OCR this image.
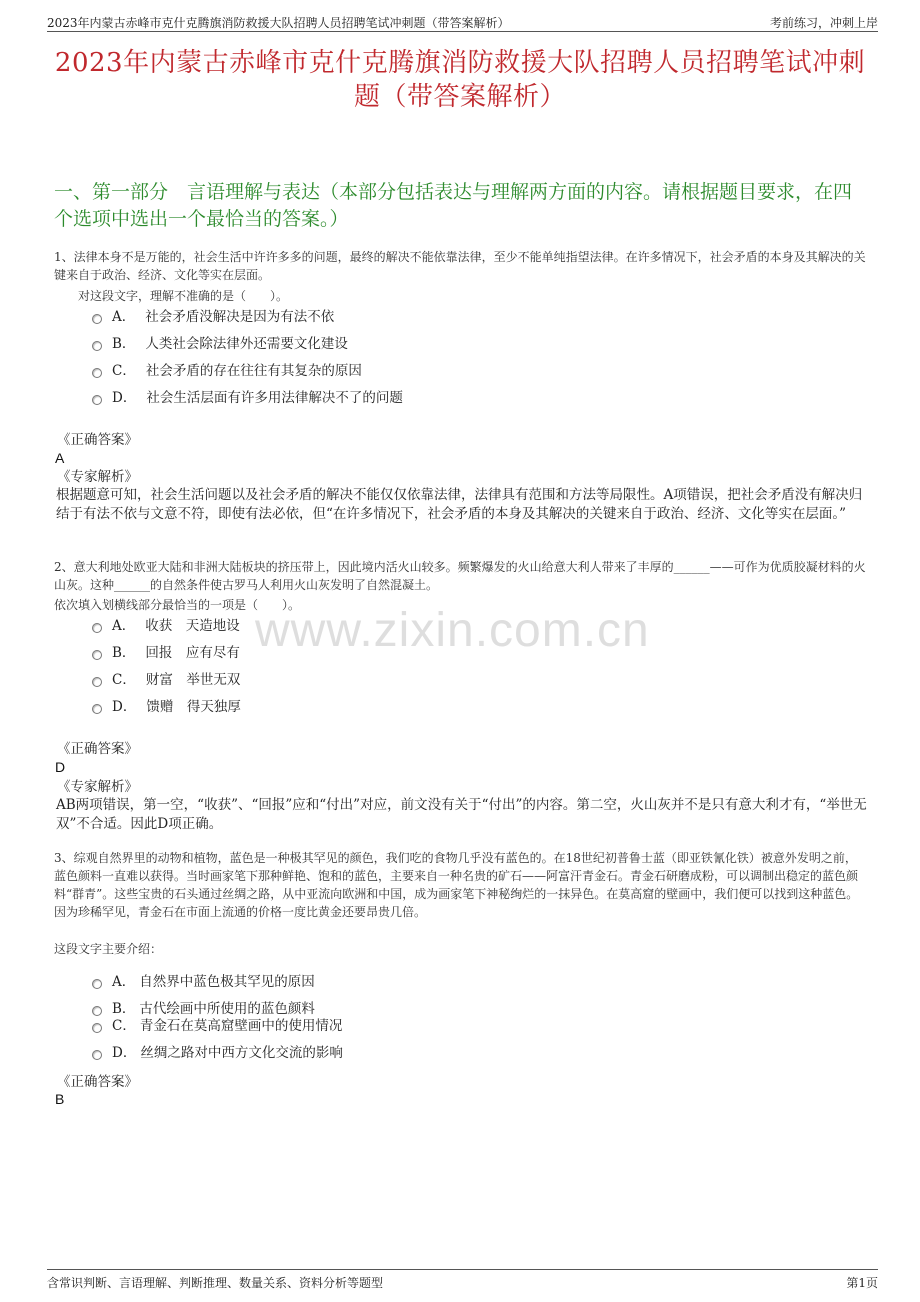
2023年内蒙古赤峰市克什克腾旗消防救援大队招聘人员招聘笔试冲刺题（带答案解析）	考前练习，冲刺上岸
2023年内蒙古赤峰市克什克腾旗消防救援大队招聘人员招聘笔试冲刺题（带答案解析）
一、第一部分　言语理解与表达（本部分包括表达与理解两方面的内容。请根据题目要求，在四个选项中选出一个最恰当的答案。）
www.zixin.com.cn
1、法律本身不是万能的，社会生活中许许多多的问题，最终的解决不能依靠法律，至少不能单纯指望法律。在许多情况下，社会矛盾的本身及其解决的关键来自于政治、经济、文化等实在层面。
对这段文字，理解不准确的是（　　）。
A． 社会矛盾没解决是因为有法不依
B． 人类社会除法律外还需要文化建设
C． 社会矛盾的存在往往有其复杂的原因
D． 社会生活层面有许多用法律解决不了的问题
《正确答案》
A
《专家解析》
根据题意可知，社会生活问题以及社会矛盾的解决不能仅仅依靠法律，法律具有范围和方法等局限性。A项错误，把社会矛盾没有解决归结于有法不依与文意不符，即使有法必依，但“在许多情况下，社会矛盾的本身及其解决的关键来自于政治、经济、文化等实在层面。”
2、意大利地处欧亚大陆和非洲大陆板块的挤压带上，因此境内活火山较多。频繁爆发的火山给意大利人带来了丰厚的______——可作为优质胶凝材料的火山灰。这种______的自然条件使古罗马人利用火山灰发明了自然混凝土。
依次填入划横线部分最恰当的一项是（　　）。
A． 收获　天造地设
B． 回报　应有尽有
C． 财富　举世无双
D． 馈赠　得天独厚
《正确答案》
D
《专家解析》
AB两项错误，第一空，“收获”、“回报”应和“付出”对应，前文没有关于“付出”的内容。第二空，火山灰并不是只有意大利才有，“举世无双”不合适。因此D项正确。
3、综观自然界里的动物和植物，蓝色是一种极其罕见的颜色，我们吃的食物几乎没有蓝色的。在18世纪初普鲁士蓝（即亚铁氰化铁）被意外发明之前，蓝色颜料一直难以获得。当时画家笔下那种鲜艳、饱和的蓝色，主要来自一种名贵的矿石——阿富汗青金石。青金石研磨成粉，可以调制出稳定的蓝色颜料“群青”。这些宝贵的石头通过丝绸之路，从中亚流向欧洲和中国，成为画家笔下神秘绚烂的一抹异色。在莫高窟的壁画中，我们便可以找到这种蓝色。因为珍稀罕见，青金石在市面上流通的价格一度比黄金还要昂贵几倍。
这段文字主要介绍：
A． 自然界中蓝色极其罕见的原因
B． 古代绘画中所使用的蓝色颜料
C． 青金石在莫高窟壁画中的使用情况
D． 丝绸之路对中西方文化交流的影响
《正确答案》
B
含常识判断、言语理解、判断推理、数量关系、资料分析等题型	第1页
